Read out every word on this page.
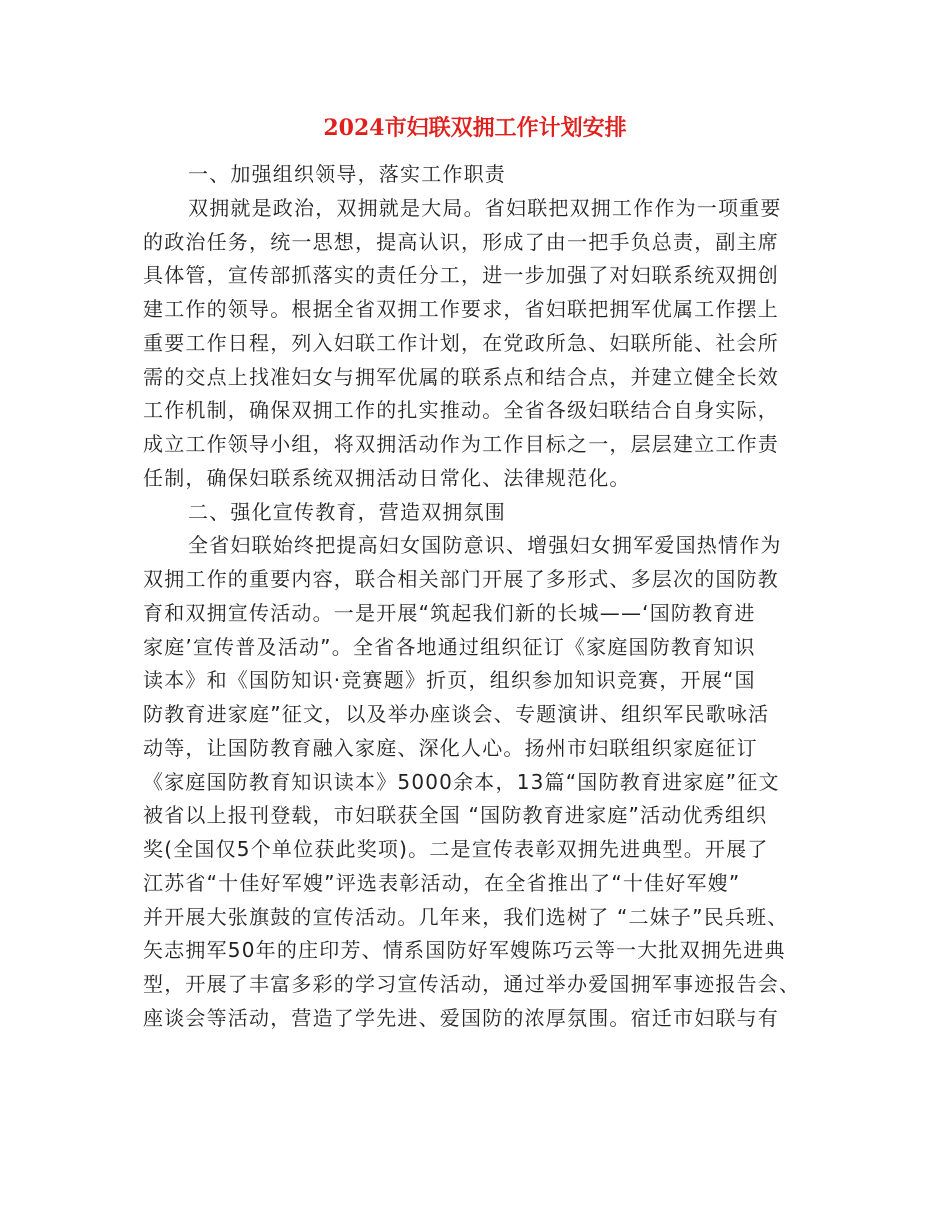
2024市妇联双拥工作计划安排
一、加强组织领导，落实工作职责
双拥就是政治，双拥就是大局。省妇联把双拥工作作为一项重要
的政治任务，统一思想，提高认识，形成了由一把手负总责，副主席
具体管，宣传部抓落实的责任分工，进一步加强了对妇联系统双拥创
建工作的领导。根据全省双拥工作要求，省妇联把拥军优属工作摆上
重要工作日程，列入妇联工作计划，在党政所急、妇联所能、社会所
需的交点上找准妇女与拥军优属的联系点和结合点，并建立健全长效
工作机制，确保双拥工作的扎实推动。全省各级妇联结合自身实际，
成立工作领导小组，将双拥活动作为工作目标之一，层层建立工作责
任制，确保妇联系统双拥活动日常化、法律规范化。
二、强化宣传教育，营造双拥氛围
全省妇联始终把提高妇女国防意识、增强妇女拥军爱国热情作为
双拥工作的重要内容，联合相关部门开展了多形式、多层次的国防教
育和双拥宣传活动。一是开展“筑起我们新的长城——‘国防教育进
家庭’宣传普及活动”。全省各地通过组织征订《家庭国防教育知识
读本》和《国防知识·竞赛题》折页，组织参加知识竞赛，开展“国
防教育进家庭”征文，以及举办座谈会、专题演讲、组织军民歌咏活
动等，让国防教育融入家庭、深化人心。扬州市妇联组织家庭征订
《家庭国防教育知识读本》5000余本，13篇“国防教育进家庭”征文
被省以上报刊登载，市妇联获全国 “国防教育进家庭”活动优秀组织
奖(全国仅5个单位获此奖项)。二是宣传表彰双拥先进典型。开展了
江苏省“十佳好军嫂”评选表彰活动，在全省推出了“十佳好军嫂”
并开展大张旗鼓的宣传活动。几年来，我们选树了 “二妹子”民兵班、
矢志拥军50年的庄印芳、情系国防好军嫂陈巧云等一大批双拥先进典
型，开展了丰富多彩的学习宣传活动，通过举办爱国拥军事迹报告会、
座谈会等活动，营造了学先进、爱国防的浓厚氛围。宿迁市妇联与有
